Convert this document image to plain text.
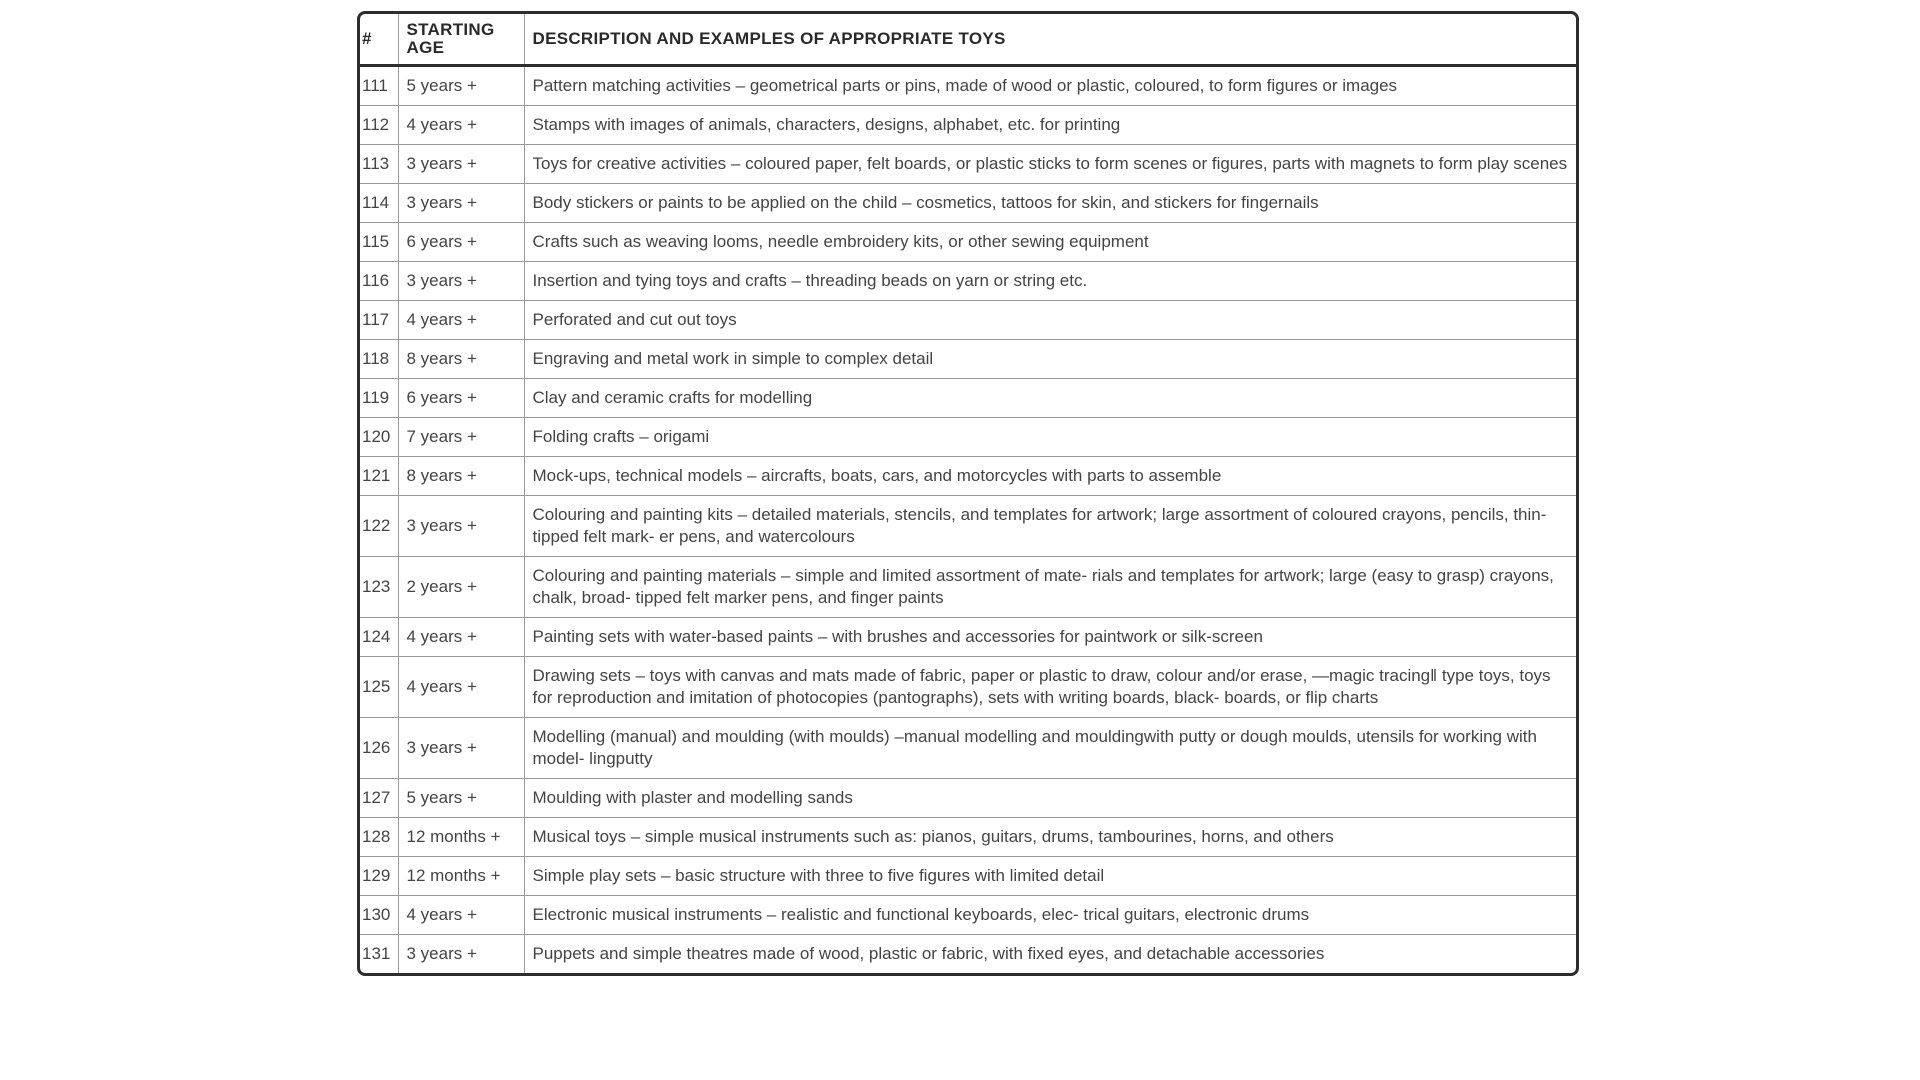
#	STARTING AGE	DESCRIPTION AND EXAMPLES OF APPROPRIATE TOYS
111	5 years +	Pattern matching activities – geometrical parts or pins, made of wood or plastic, coloured, to form figures or images
112	4 years +	Stamps with images of animals, characters, designs, alphabet, etc. for printing
113	3 years +	Toys for creative activities – coloured paper, felt boards, or plastic sticks to form scenes or figures, parts with magnets to form play scenes
114	3 years +	Body stickers or paints to be applied on the child – cosmetics, tattoos for skin, and stickers for fingernails
115	6 years +	Crafts such as weaving looms, needle embroidery kits, or other sewing equipment
116	3 years +	Insertion and tying toys and crafts – threading beads on yarn or string etc.
117	4 years +	Perforated and cut out toys
118	8 years +	Engraving and metal work in simple to complex detail
119	6 years +	Clay and ceramic crafts for modelling
120	7 years +	Folding crafts – origami
121	8 years +	Mock-ups, technical models – aircrafts, boats, cars, and motorcycles with parts to assemble
122	3 years +	Colouring and painting kits – detailed materials, stencils, and templates for artwork; large assortment of coloured crayons, pencils, thin-tipped felt mark- er pens, and watercolours
123	2 years +	Colouring and painting materials – simple and limited assortment of mate- rials and templates for artwork; large (easy to grasp) crayons, chalk, broad- tipped felt marker pens, and finger paints
124	4 years +	Painting sets with water-based paints – with brushes and accessories for paintwork or silk-screen
125	4 years +	Drawing sets – toys with canvas and mats made of fabric, paper or plastic to draw, colour and/or erase, ―magic tracing‖ type toys, toys for reproduction and imitation of photocopies (pantographs), sets with writing boards, black- boards, or flip charts
126	3 years +	Modelling (manual) and moulding (with moulds) –manual modelling and mouldingwith putty or dough moulds, utensils for working with model- lingputty
127	5 years +	Moulding with plaster and modelling sands
128	12 months +	Musical toys – simple musical instruments such as: pianos, guitars, drums, tambourines, horns, and others
129	12 months +	Simple play sets – basic structure with three to five figures with limited detail
130	4 years +	Electronic musical instruments – realistic and functional keyboards, elec- trical guitars, electronic drums
131	3 years +	Puppets and simple theatres made of wood, plastic or fabric, with fixed eyes, and detachable accessories
